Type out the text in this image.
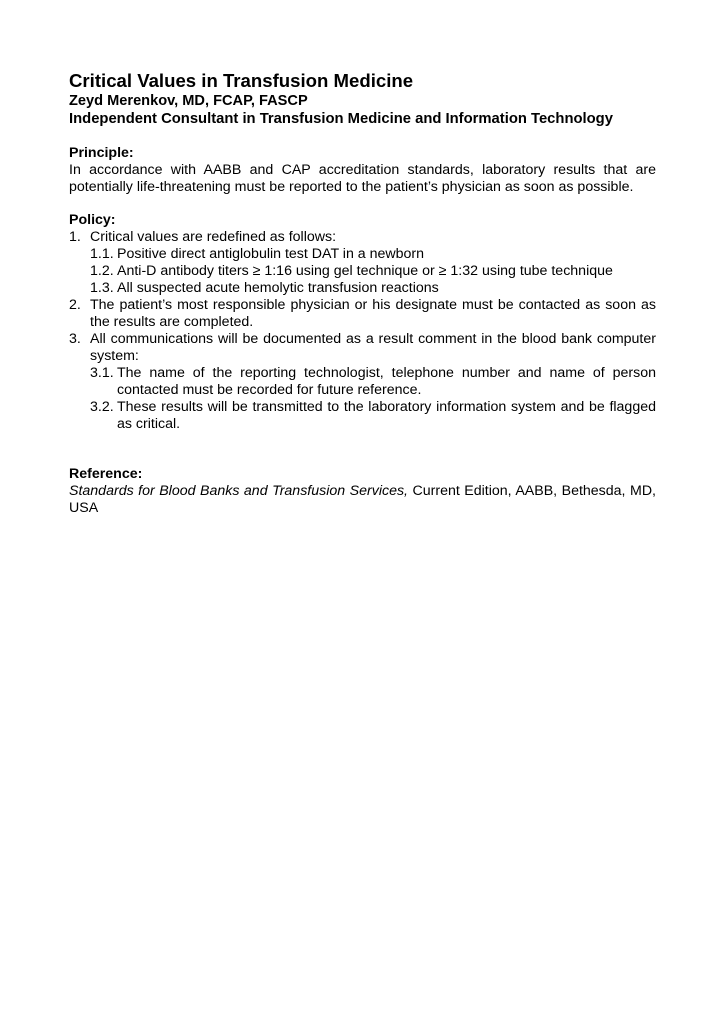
Critical Values in Transfusion Medicine
Zeyd Merenkov, MD, FCAP, FASCP
Independent Consultant in Transfusion Medicine and Information Technology
Principle:

In accordance with AABB and CAP accreditation standards, laboratory results that are potentially life-threatening must be reported to the patient’s physician as soon as possible.

Policy:
1. Critical values are redefined as follows:
1.1. Positive direct antiglobulin test DAT in a newborn
1.2. Anti-D antibody titers ≥ 1:16 using gel technique or ≥ 1:32 using tube technique
1.3. All suspected acute hemolytic transfusion reactions
2. The patient’s most responsible physician or his designate must be contacted as soon as the results are completed.
3. All communications will be documented as a result comment in the blood bank computer system:
3.1. The name of the reporting technologist, telephone number and name of person contacted must be recorded for future reference.
3.2. These results will be transmitted to the laboratory information system and be flagged as critical.
Reference:

Standards for Blood Banks and Transfusion Services, Current Edition, AABB, Bethesda, MD, USA
